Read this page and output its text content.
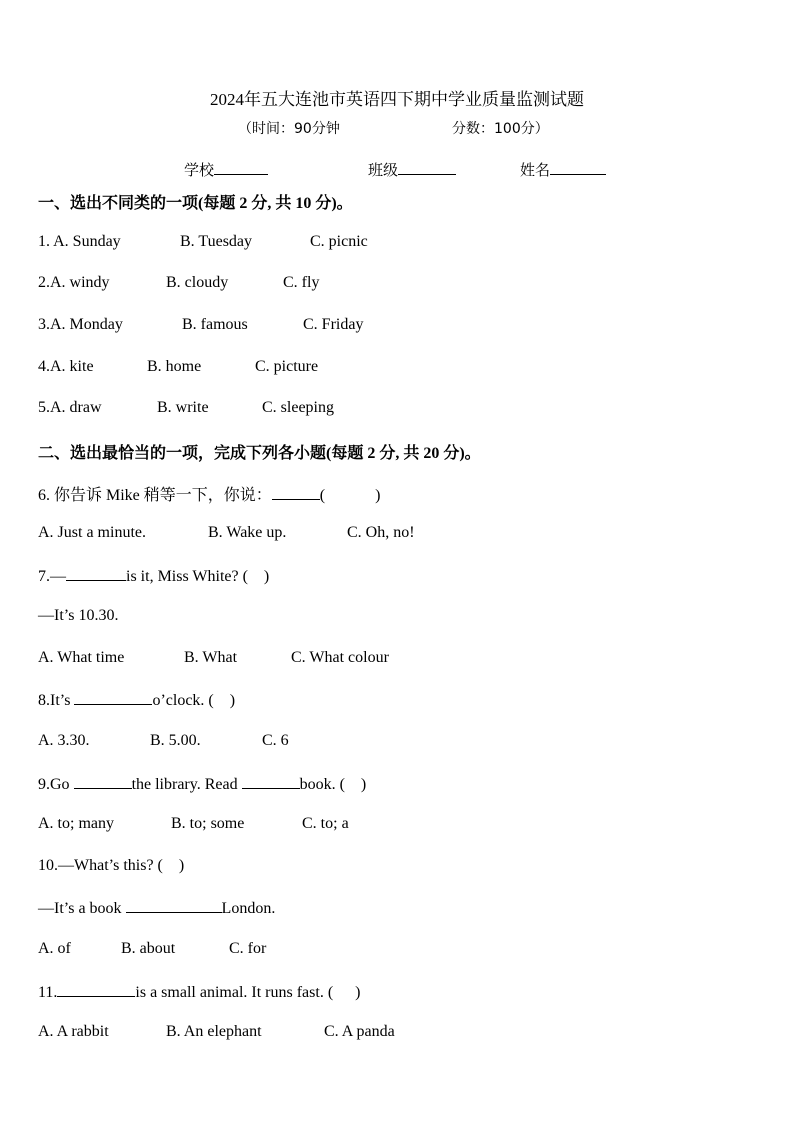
2024年五大连池市英语四下期中学业质量监测试题
（时间：90分钟	分数：100分）
学校	班级	姓名
一、选出不同类的一项(每题 2 分, 共 10 分)。
1. A. Sunday	B. Tuesday	C. picnic
2.A. windy	B. cloudy	C. fly
3.A. Monday	B. famous	C. Friday
4.A. kite	B. home	C. picture
5.A. draw	B. write	C. sleeping
二、选出最恰当的一项，完成下列各小题(每题 2 分, 共 20 分)。
6. 你告诉 Mike 稍等一下，你说：	(	)
A. Just a minute.	B. Wake up.	C. Oh, no!
7.—	is it, Miss White? ( )
—It’s 10.30.
A. What time	B. What	C. What colour
8.It’s	o’clock. ( )
A. 3.30.	B. 5.00.	C. 6
9.Go	the library. Read	book. ( )
A. to; many	B. to; some	C. to; a
10.—What’s this? ( )
—It’s a book	London.
A. of	B. about	C. for
11.	is a small animal. It runs fast. ( )
A. A rabbit	B. An elephant	C. A panda
